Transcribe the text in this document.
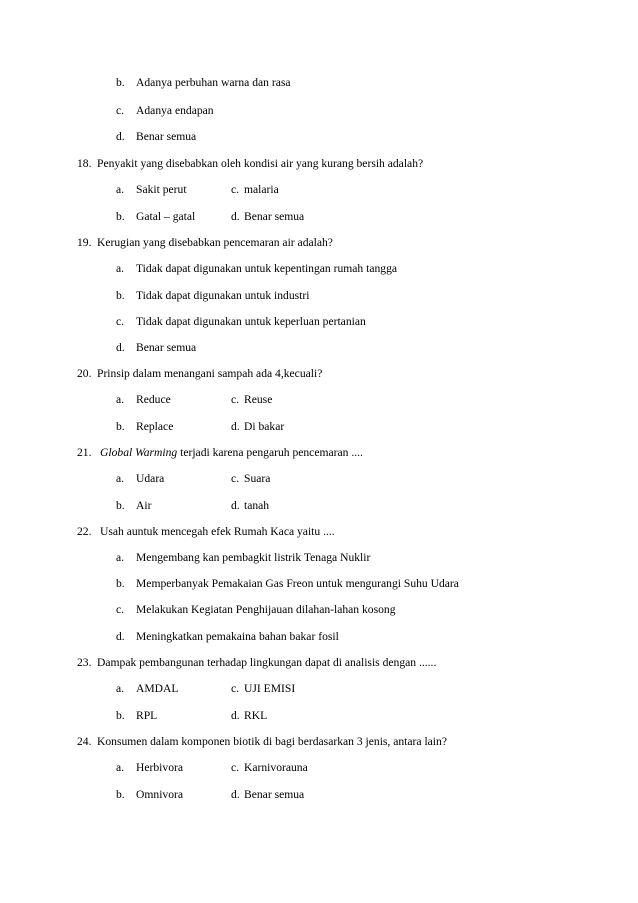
b. Adanya perbuhan warna dan rasa
c. Adanya endapan
d. Benar semua
18. Penyakit yang disebabkan oleh kondisi air yang kurang bersih adalah?
a. Sakit perut	c. malaria
b. Gatal – gatal	d. Benar semua
19. Kerugian yang disebabkan pencemaran air adalah?
a. Tidak dapat digunakan untuk kepentingan rumah tangga
b. Tidak dapat digunakan untuk industri
c. Tidak dapat digunakan untuk keperluan pertanian
d. Benar semua
20. Prinsip dalam menangani sampah ada 4,kecuali?
a. Reduce	c. Reuse
b. Replace	d. Di bakar
21. Global Warming terjadi karena pengaruh pencemaran ....
a. Udara	c. Suara
b. Air	d. tanah
22. Usah auntuk mencegah efek Rumah Kaca yaitu ....
a. Mengembang kan pembagkit listrik Tenaga Nuklir
b. Memperbanyak Pemakaian Gas Freon untuk mengurangi Suhu Udara
c. Melakukan Kegiatan Penghijauan dilahan-lahan kosong
d. Meningkatkan pemakaina bahan bakar fosil
23. Dampak pembangunan terhadap lingkungan dapat di analisis dengan ......
a. AMDAL	c. UJI EMISI
b. RPL	d. RKL
24. Konsumen dalam komponen biotik di bagi berdasarkan 3 jenis, antara lain?
a. Herbivora	c. Karnivorauna
b. Omnivora	d. Benar semua
